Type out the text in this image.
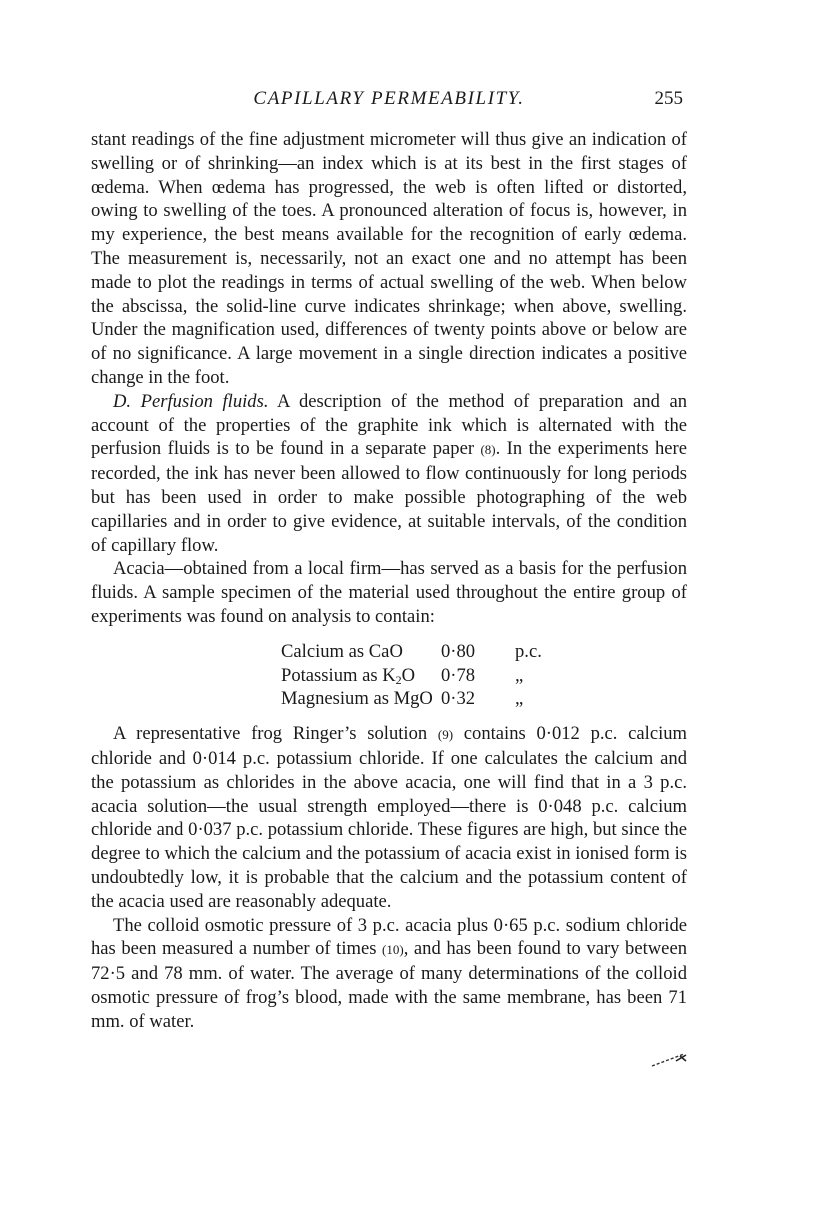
CAPILLARY PERMEABILITY.	255

stant readings of the fine adjustment micrometer will thus give an indication of swelling or of shrinking—an index which is at its best in the first stages of œdema. When œdema has progressed, the web is often lifted or distorted, owing to swelling of the toes. A pronounced alteration of focus is, however, in my experience, the best means available for the recognition of early œdema. The measurement is, necessarily, not an exact one and no attempt has been made to plot the readings in terms of actual swelling of the web. When below the abscissa, the solid-line curve indicates shrinkage; when above, swelling. Under the magnification used, differences of twenty points above or below are of no significance. A large movement in a single direction indicates a positive change in the foot.

D. Perfusion fluids. A description of the method of preparation and an account of the properties of the graphite ink which is alternated with the perfusion fluids is to be found in a separate paper (8). In the experiments here recorded, the ink has never been allowed to flow continuously for long periods but has been used in order to make possible photographing of the web capillaries and in order to give evidence, at suitable intervals, of the condition of capillary flow.

Acacia—obtained from a local firm—has served as a basis for the perfusion fluids. A sample specimen of the material used throughout the entire group of experiments was found on analysis to contain:

Calcium as CaO	0·80	p.c.
Potassium as $K_2O$	0·78	„
Magnesium as MgO 0·32	„

A representative frog Ringer’s solution (9) contains 0·012 p.c. calcium chloride and 0·014 p.c. potassium chloride. If one calculates the calcium and the potassium as chlorides in the above acacia, one will find that in a 3 p.c. acacia solution—the usual strength employed—there is 0·048 p.c. calcium chloride and 0·037 p.c. potassium chloride. These figures are high, but since the degree to which the calcium and the potassium of acacia exist in ionised form is undoubtedly low, it is probable that the calcium and the potassium content of the acacia used are reasonably adequate.

The colloid osmotic pressure of 3 p.c. acacia plus 0·65 p.c. sodium chloride has been measured a number of times (10), and has been found to vary between 72·5 and 78 mm. of water. The average of many determinations of the colloid osmotic pressure of frog’s blood, made with the same membrane, has been 71 mm. of water.
